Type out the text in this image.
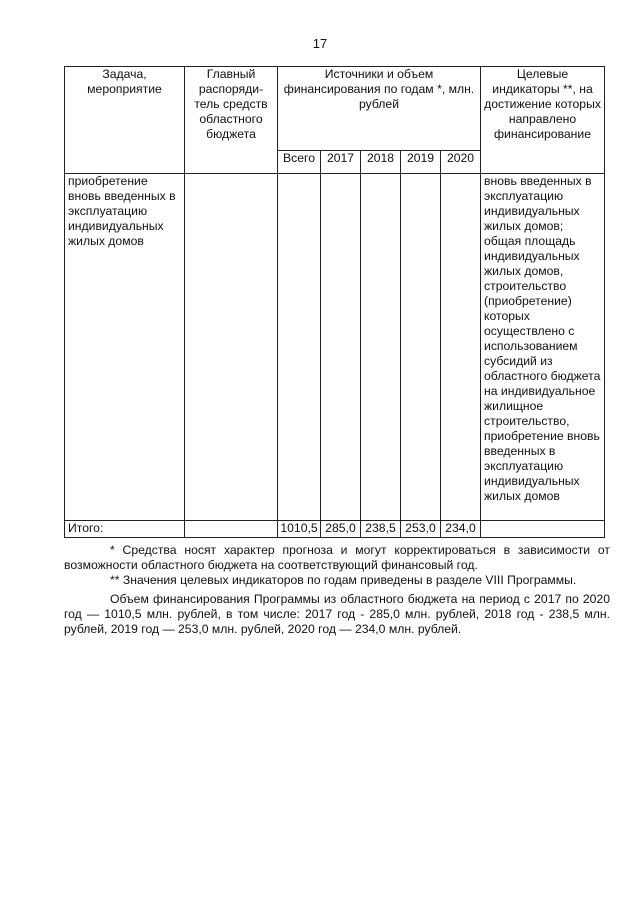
17
Задача, мероприятие	Главный распоряди-тель средств областного бюджета	Источники и объем финансирования по годам *, млн. рублей					Целевые индикаторы **, на достижение которых направлено финансирование
		Всего	2017	2018	2019	2020	
приобретение вновь введенных в эксплуатацию индивидуальных жилых домов							вновь введенных в эксплуатацию индивидуальных жилых домов; общая площадь индивидуальных жилых домов, строительство (приобретение) которых осуществлено с использованием субсидий из областного бюджета на индивидуальное жилищное строительство, приобретение вновь введенных в эксплуатацию индивидуальных жилых домов
Итого:		1010,5	285,0	238,5	253,0	234,0	

* Средства носят характер прогноза и могут корректироваться в зависимости от возможности областного бюджета на соответствующий финансовый год.

** Значения целевых индикаторов по годам приведены в разделе VIII Программы.

Объем финансирования Программы из областного бюджета на период с 2017 по 2020 год — 1010,5 млн. рублей, в том числе: 2017 год - 285,0 млн. рублей, 2018 год - 238,5 млн. рублей, 2019 год — 253,0 млн. рублей, 2020 год — 234,0 млн. рублей.
